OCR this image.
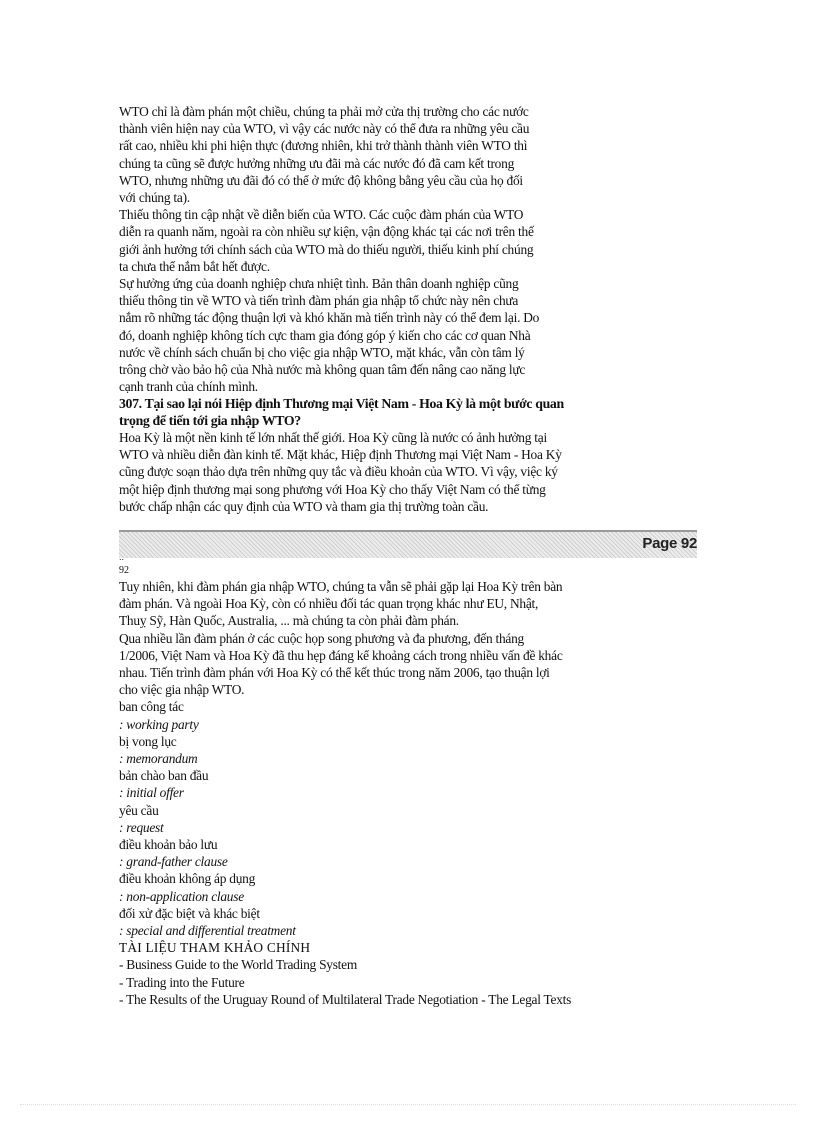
WTO chỉ là đàm phán một chiều, chúng ta phải mở cửa thị trường cho các nước

thành viên hiện nay của WTO, vì vậy các nước này có thể đưa ra những yêu cầu

rất cao, nhiều khi phi hiện thực (đương nhiên, khi trở thành thành viên WTO thì

chúng ta cũng sẽ được hưởng những ưu đãi mà các nước đó đã cam kết trong

WTO, nhưng những ưu đãi đó có thể ở mức độ không bằng yêu cầu của họ đối

với chúng ta).

Thiếu thông tin cập nhật về diễn biến của WTO. Các cuộc đàm phán của WTO

diễn ra quanh năm, ngoài ra còn nhiều sự kiện, vận động khác tại các nơi trên thế

giới ảnh hưởng tới chính sách của WTO mà do thiếu người, thiếu kinh phí chúng

ta chưa thể nắm bắt hết được.

Sự hưởng ứng của doanh nghiệp chưa nhiệt tình. Bản thân doanh nghiệp cũng

thiếu thông tin về WTO và tiến trình đàm phán gia nhập tổ chức này nên chưa

nắm rõ những tác động thuận lợi và khó khăn mà tiến trình này có thể đem lại. Do

đó, doanh nghiệp không tích cực tham gia đóng góp ý kiến cho các cơ quan Nhà

nước về chính sách chuẩn bị cho việc gia nhập WTO, mặt khác, vẫn còn tâm lý

trông chờ vào bảo hộ của Nhà nước mà không quan tâm đến nâng cao năng lực

cạnh tranh của chính mình.

307. Tại sao lại nói Hiệp định Thương mại Việt Nam - Hoa Kỳ là một bước quan

trọng để tiến tới gia nhập WTO?

Hoa Kỳ là một nền kinh tế lớn nhất thế giới. Hoa Kỳ cũng là nước có ảnh hưởng tại

WTO và nhiều diễn đàn kinh tế. Mặt khác, Hiệp định Thương mại Việt Nam - Hoa Kỳ

cũng được soạn thảo dựa trên những quy tắc và điều khoản của WTO. Vì vậy, việc ký

một hiệp định thương mại song phương với Hoa Kỳ cho thấy Việt Nam có thể từng

bước chấp nhận các quy định của WTO và tham gia thị trường toàn cầu.

Page 92
..
92

Tuy nhiên, khi đàm phán gia nhập WTO, chúng ta vẫn sẽ phải gặp lại Hoa Kỳ trên bàn

đàm phán. Và ngoài Hoa Kỳ, còn có nhiều đối tác quan trọng khác như EU, Nhật,

Thuỵ Sỹ, Hàn Quốc, Australia, ... mà chúng ta còn phải đàm phán.

Qua nhiều lần đàm phán ở các cuộc họp song phương và đa phương, đến tháng

1/2006, Việt Nam và Hoa Kỳ đã thu hẹp đáng kể khoảng cách trong nhiều vấn đề khác

nhau. Tiến trình đàm phán với Hoa Kỳ có thể kết thúc trong năm 2006, tạo thuận lợi

cho việc gia nhập WTO.

ban công tác

: working party

bị vong lục

: memorandum

bản chào ban đầu

: initial offer

yêu cầu

: request

điều khoản bảo lưu

: grand-father clause

điều khoản không áp dụng

: non-application clause

đối xử đặc biệt và khác biệt

: special and differential treatment

TÀI LIỆU THAM KHẢO CHÍNH

- Business Guide to the World Trading System

- Trading into the Future

- The Results of the Uruguay Round of Multilateral Trade Negotiation - The Legal Texts
